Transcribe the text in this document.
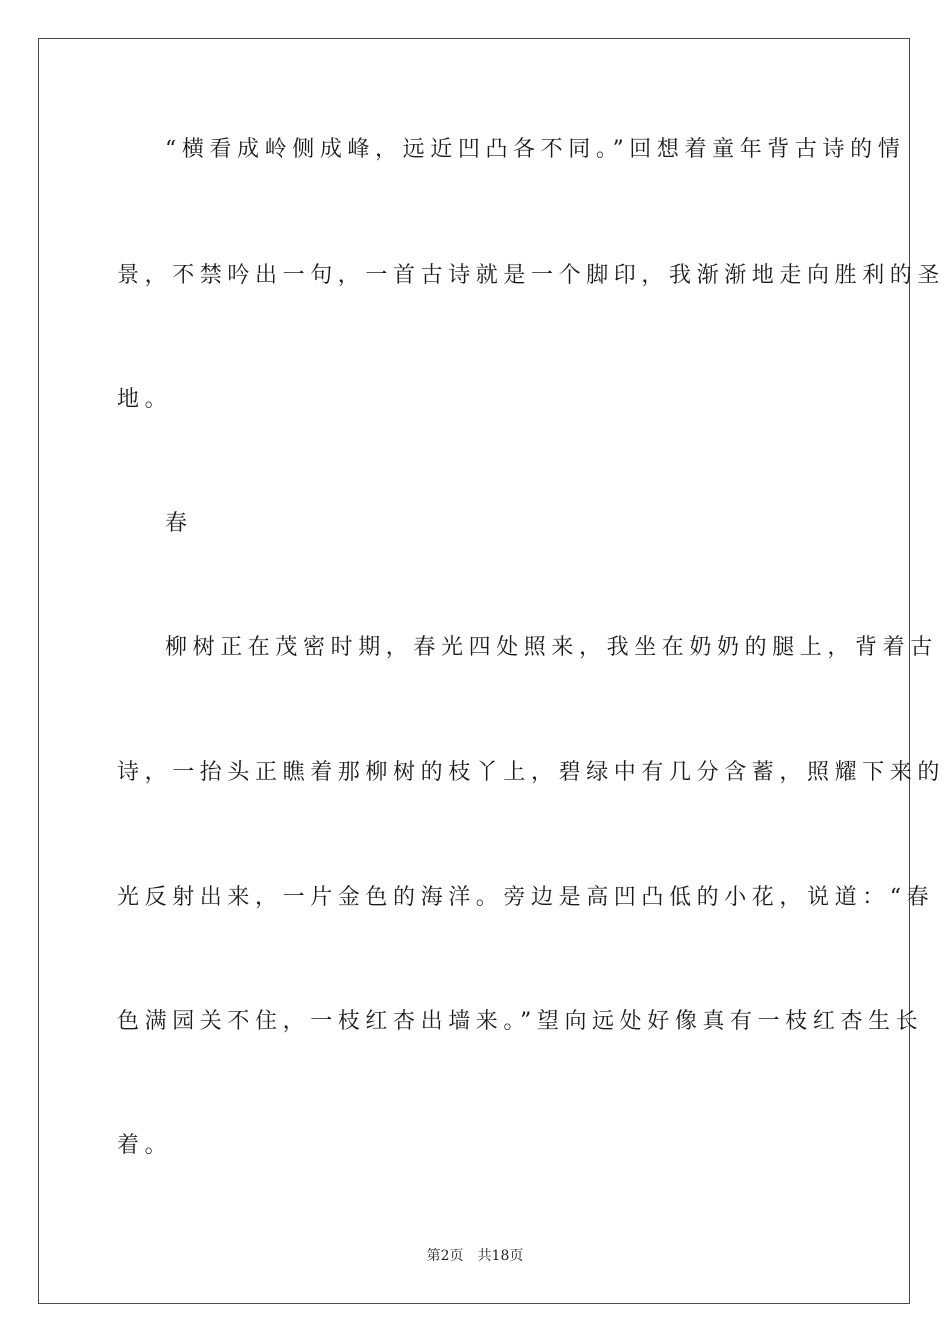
“横看成岭侧成峰，远近凹凸各不同。”回想着童年背古诗的情
景，不禁吟出一句，一首古诗就是一个脚印，我渐渐地走向胜利的圣
地。
春
柳树正在茂密时期，春光四处照来，我坐在奶奶的腿上，背着古
诗，一抬头正瞧着那柳树的枝丫上，碧绿中有几分含蓄，照耀下来的
光反射出来，一片金色的海洋。旁边是高凹凸低的小花，说道：“春
色满园关不住，一枝红杏出墙来。”望向远处好像真有一枝红杏生长
着。
第2页 共18页
